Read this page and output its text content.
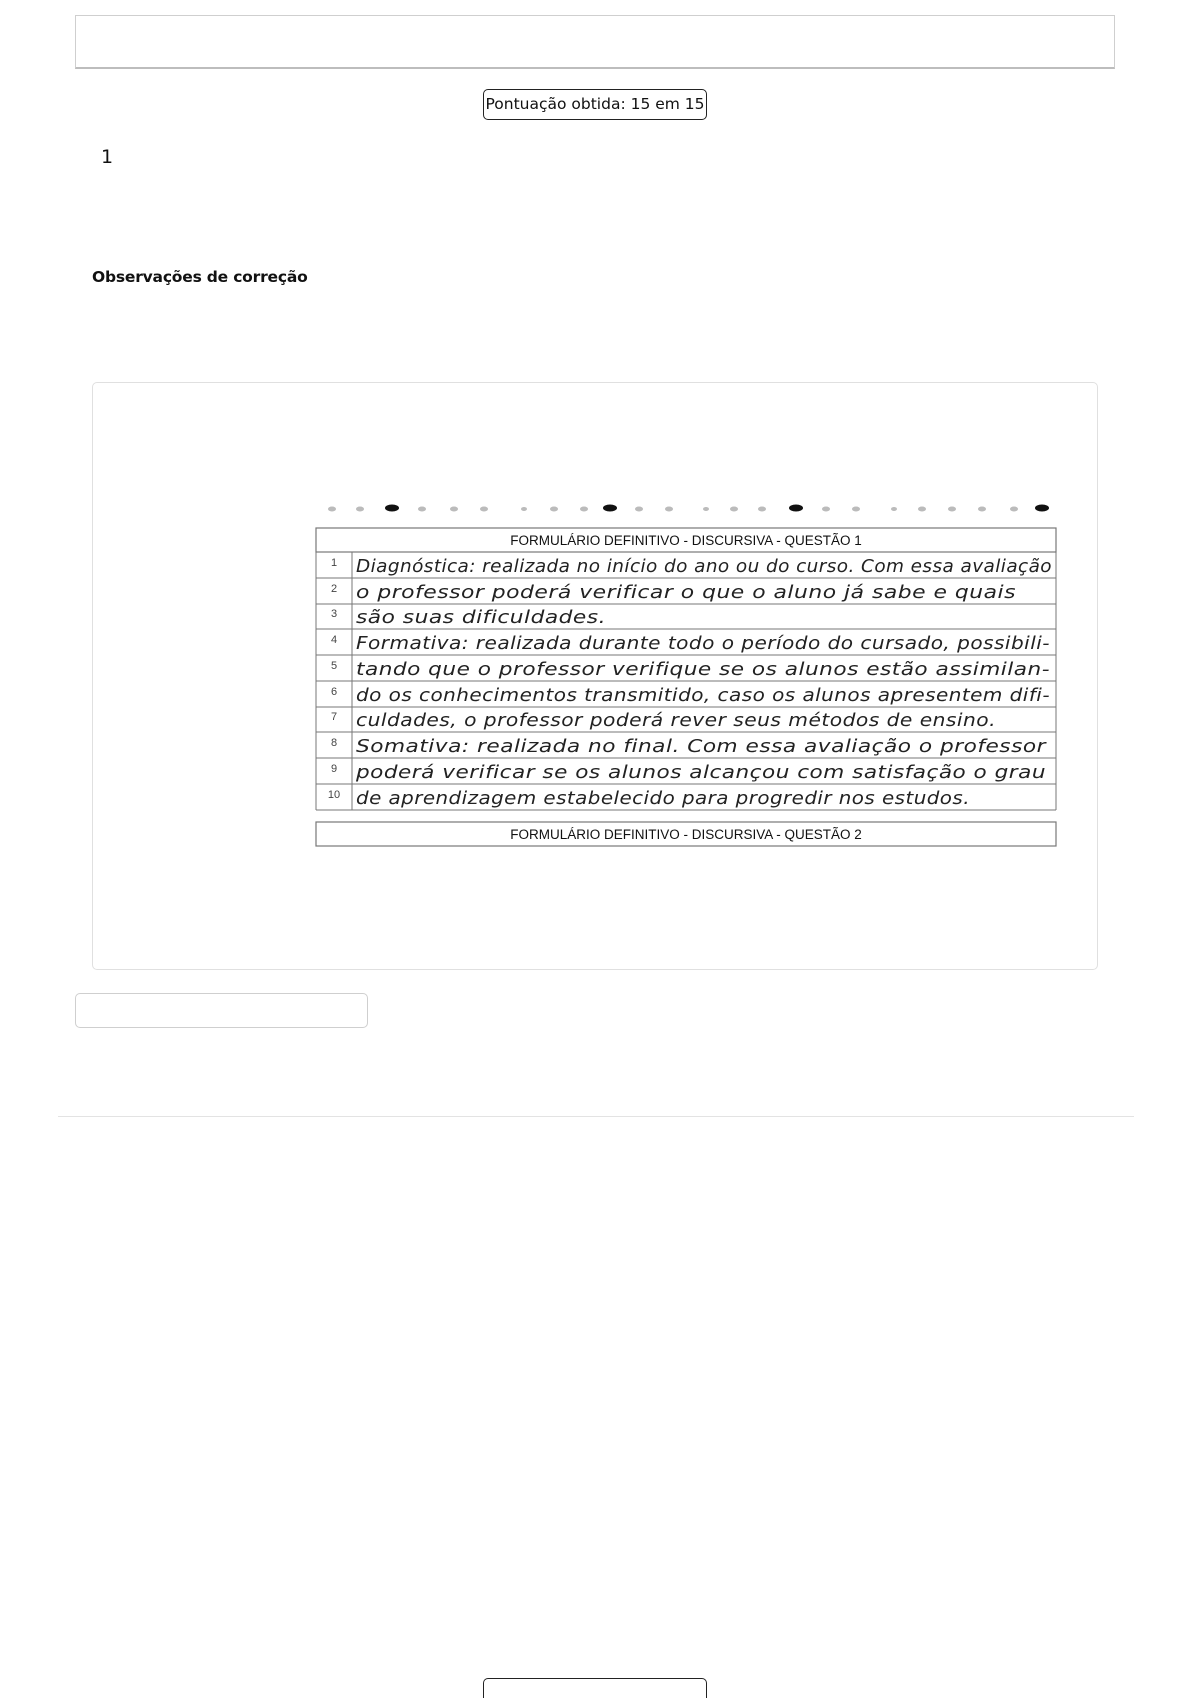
Pontuação obtida: 15 em 15
1
Observações de correção
FORMULÁRIO DEFINITIVO - DISCURSIVA - QUESTÃO 1
1
2
3
4
5
6
7
8
9
10
Diagnóstica: realizada no início do ano ou do curso. Com essa avaliação
o professor poderá verificar o que o aluno já sabe e quais
são suas dificuldades.
Formativa: realizada durante todo o período do cursado, possibili-
tando que o professor verifique se os alunos estão assimilan-
do os conhecimentos transmitido, caso os alunos apresentem difi-
culdades, o professor poderá rever seus métodos de ensino.
Somativa: realizada no final. Com essa avaliação o professor
poderá verificar se os alunos alcançou com satisfação o grau
de aprendizagem estabelecido para progredir nos estudos.
FORMULÁRIO DEFINITIVO - DISCURSIVA - QUESTÃO 2
